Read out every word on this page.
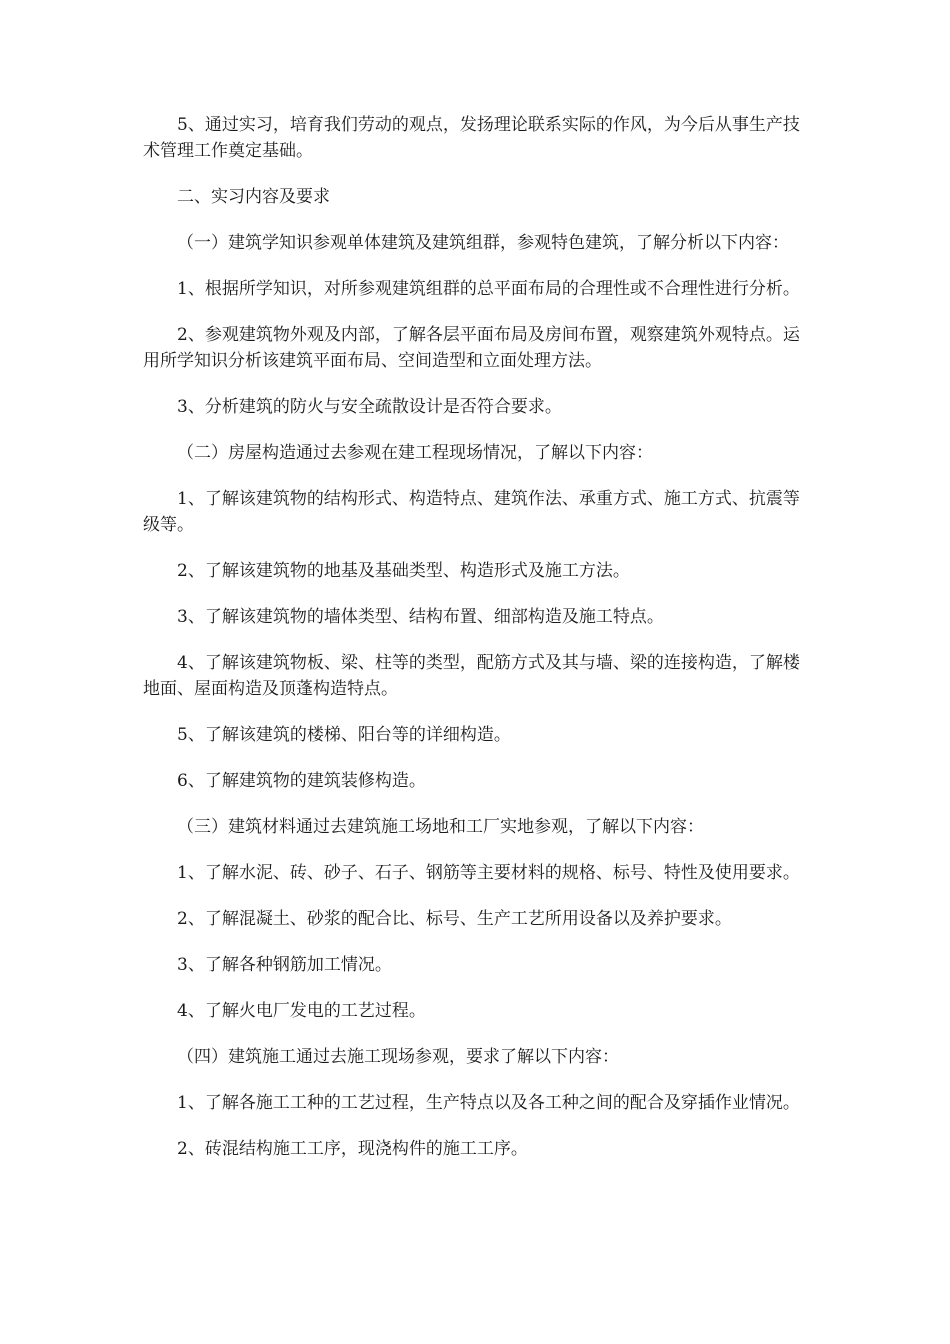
5、通过实习，培育我们劳动的观点，发扬理论联系实际的作风，为今后从事生产技术管理工作奠定基础。

二、实习内容及要求

（一）建筑学知识参观单体建筑及建筑组群，参观特色建筑，了解分析以下内容：

1、根据所学知识，对所参观建筑组群的总平面布局的合理性或不合理性进行分析。

2、参观建筑物外观及内部，了解各层平面布局及房间布置，观察建筑外观特点。运用所学知识分析该建筑平面布局、空间造型和立面处理方法。

3、分析建筑的防火与安全疏散设计是否符合要求。

（二）房屋构造通过去参观在建工程现场情况，了解以下内容：

1、了解该建筑物的结构形式、构造特点、建筑作法、承重方式、施工方式、抗震等级等。

2、了解该建筑物的地基及基础类型、构造形式及施工方法。

3、了解该建筑物的墙体类型、结构布置、细部构造及施工特点。

4、了解该建筑物板、梁、柱等的类型，配筋方式及其与墙、梁的连接构造，了解楼地面、屋面构造及顶蓬构造特点。

5、了解该建筑的楼梯、阳台等的详细构造。

6、了解建筑物的建筑装修构造。

（三）建筑材料通过去建筑施工场地和工厂实地参观，了解以下内容：

1、了解水泥、砖、砂子、石子、钢筋等主要材料的规格、标号、特性及使用要求。

2、了解混凝土、砂浆的配合比、标号、生产工艺所用设备以及养护要求。

3、了解各种钢筋加工情况。

4、了解火电厂发电的工艺过程。

（四）建筑施工通过去施工现场参观，要求了解以下内容：

1、了解各施工工种的工艺过程，生产特点以及各工种之间的配合及穿插作业情况。

2、砖混结构施工工序，现浇构件的施工工序。
